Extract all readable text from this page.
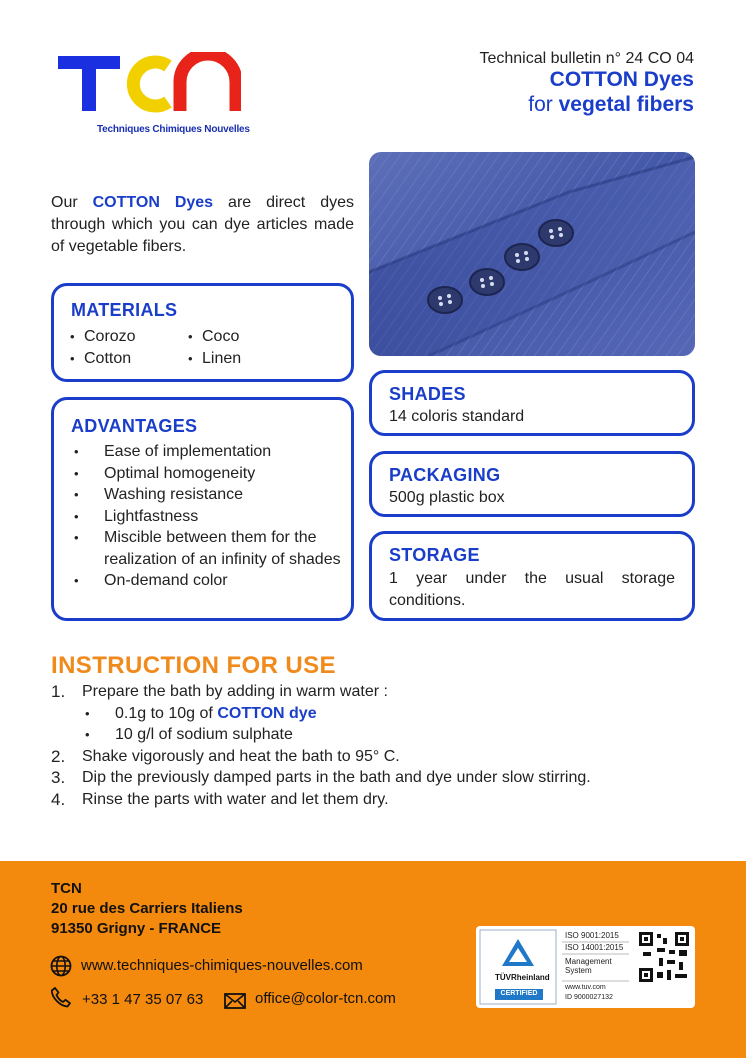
Techniques Chimiques Nouvelles
Technical bulletin n° 24 CO 04
COTTON Dyes
for vegetal fibers
Our COTTON Dyes are direct dyes through which you can dye articles made of vegetable fibers.
MATERIALS
• Corozo
• Cotton
• Coco
• Linen
ADVANTAGES
• Ease of implementation
• Optimal homogeneity
• Washing resistance
• Lightfastness
• Miscible between them for the realization of an infinity of shades
• On-demand color
SHADES
14 coloris standard
PACKAGING
500g plastic box
STORAGE
1 year under the usual storage conditions.
INSTRUCTION FOR USE
1. Prepare the bath by adding in warm water :
• 0.1g to 10g of COTTON dye
• 10 g/l of sodium sulphate
2. Shake vigorously and heat the bath to 95° C.
3. Dip the previously damped parts in the bath and dye under slow stirring.
4. Rinse the parts with water and let them dry.
TCN
20 rue des Carriers Italiens
91350 Grigny - FRANCE
www.techniques-chimiques-nouvelles.com
+33 1 47 35 07 63	office@color-tcn.com
TÜVRheinland
CERTIFIED
ISO 9001:2015
ISO 14001:2015
Management
System
www.tuv.com
ID 9000027132
